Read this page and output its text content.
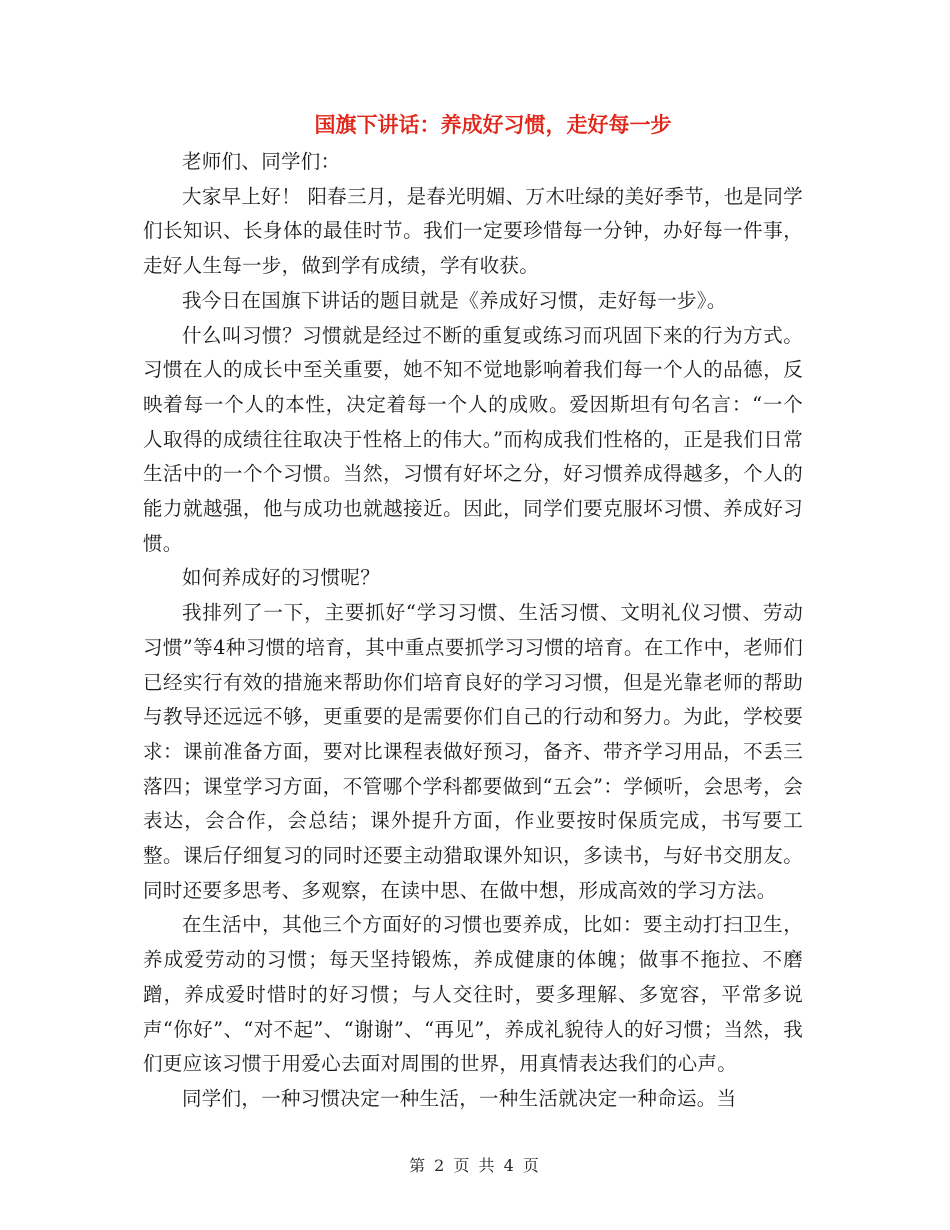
国旗下讲话：养成好习惯，走好每一步

老师们、同学们：

大家早上好！ 阳春三月，是春光明媚、万木吐绿的美好季节，也是同学们长知识、长身体的最佳时节。我们一定要珍惜每一分钟，办好每一件事，走好人生每一步，做到学有成绩，学有收获。

我今日在国旗下讲话的题目就是《养成好习惯，走好每一步》。

什么叫习惯？习惯就是经过不断的重复或练习而巩固下来的行为方式。习惯在人的成长中至关重要，她不知不觉地影响着我们每一个人的品德，反映着每一个人的本性，决定着每一个人的成败。爱因斯坦有句名言：“一个人取得的成绩往往取决于性格上的伟大。”而构成我们性格的，正是我们日常生活中的一个个习惯。当然，习惯有好坏之分，好习惯养成得越多，个人的能力就越强，他与成功也就越接近。因此，同学们要克服坏习惯、养成好习惯。

如何养成好的习惯呢？

我排列了一下，主要抓好“学习习惯、生活习惯、文明礼仪习惯、劳动习惯”等4种习惯的培育，其中重点要抓学习习惯的培育。在工作中，老师们已经实行有效的措施来帮助你们培育良好的学习习惯，但是光靠老师的帮助与教导还远远不够，更重要的是需要你们自己的行动和努力。为此，学校要求：课前准备方面，要对比课程表做好预习，备齐、带齐学习用品，不丢三落四；课堂学习方面，不管哪个学科都要做到“五会”：学倾听，会思考，会表达，会合作，会总结；课外提升方面，作业要按时保质完成，书写要工整。课后仔细复习的同时还要主动猎取课外知识，多读书，与好书交朋友。同时还要多思考、多观察，在读中思、在做中想，形成高效的学习方法。

在生活中，其他三个方面好的习惯也要养成，比如：要主动打扫卫生，养成爱劳动的习惯；每天坚持锻炼，养成健康的体魄；做事不拖拉、不磨蹭，养成爱时惜时的好习惯；与人交往时，要多理解、多宽容，平常多说声“你好”、“对不起”、“谢谢”、“再见”，养成礼貌待人的好习惯；当然，我们更应该习惯于用爱心去面对周围的世界，用真情表达我们的心声。

同学们，一种习惯决定一种生活，一种生活就决定一种命运。当

第 2 页 共 4 页
